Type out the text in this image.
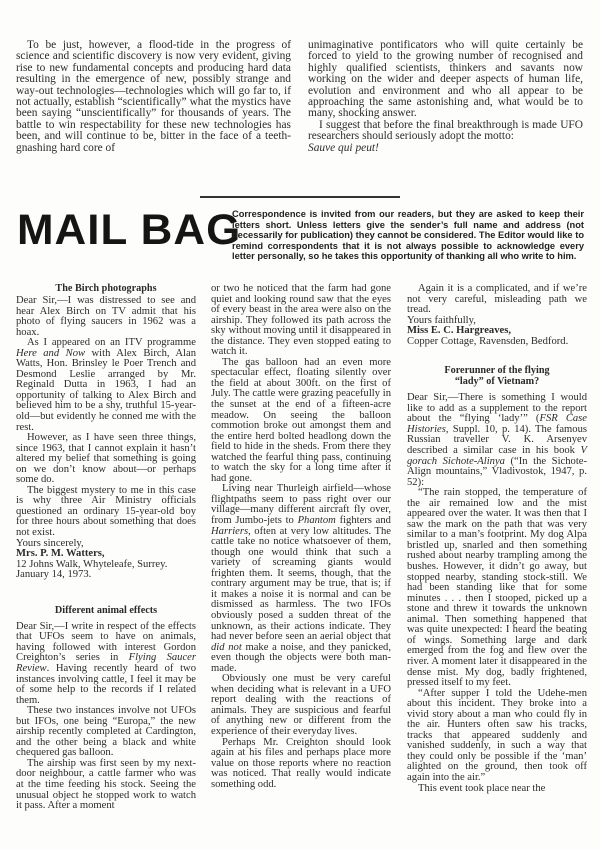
To be just, however, a flood-tide in the progress of science and scientific discovery is now very evident, giving rise to new fundamental concepts and producing hard data resulting in the emergence of new, possibly strange and way-out technologies—technologies which will go far to, if not actually, establish “scientifically” what the mystics have been saying “unscientifically” for thousands of years. The battle to win respectability for these new technologies has been, and will continue to be, bitter in the face of a teeth-gnashing hard core of

unimaginative pontificators who will quite certainly be forced to yield to the growing number of recognised and highly qualified scientists, thinkers and savants now working on the wider and deeper aspects of human life, evolution and environment and who all appear to be approaching the same astonishing and, what would be to many, shocking answer.

I suggest that before the final breakthrough is made UFO researchers should seriously adopt the motto:

Sauve qui peut!

MAIL BAG

Correspondence is invited from our readers, but they are asked to keep their letters short. Unless letters give the sender’s full name and address (not necessarily for publication) they cannot be considered. The Editor would like to remind correspondents that it is not always possible to acknowledge every letter personally, so he takes this opportunity of thanking all who write to him.

The Birch photographs

Dear Sir,—I was distressed to see and hear Alex Birch on TV admit that his photo of flying saucers in 1962 was a hoax.

As I appeared on an ITV programme Here and Now with Alex Birch, Alan Watts, Hon. Brinsley le Poer Trench and Desmond Leslie arranged by Mr. Reginald Dutta in 1963, I had an opportunity of talking to Alex Birch and believed him to be a shy, truthful 15-year-old—but evidently he conned me with the rest.

However, as I have seen three things, since 1963, that I cannot explain it hasn’t altered my belief that something is going on we don’t know about—or perhaps some do.

The biggest mystery to me in this case is why three Air Ministry officials questioned an ordinary 15-year-old boy for three hours about something that does not exist.

Yours sincerely,

Mrs. P. M. Watters,

12 Johns Walk, Whyteleafe, Surrey.

January 14, 1973.

Different animal effects

Dear Sir,—I write in respect of the effects that UFOs seem to have on animals, having followed with interest Gordon Creighton’s series in Flying Saucer Review. Having recently heard of two instances involving cattle, I feel it may be of some help to the records if I related them.

These two instances involve not UFOs but IFOs, one being “Europa,” the new airship recently completed at Cardington, and the other being a black and white chequered gas balloon.

The airship was first seen by my next-door neighbour, a cattle farmer who was at the time feeding his stock. Seeing the unusual object he stopped work to watch it pass. After a moment

or two he noticed that the farm had gone quiet and looking round saw that the eyes of every beast in the area were also on the airship. They followed its path across the sky without moving until it disappeared in the distance. They even stopped eating to watch it.

The gas balloon had an even more spectacular effect, floating silently over the field at about 300ft. on the first of July. The cattle were grazing peacefully in the sunset at the end of a fifteen-acre meadow. On seeing the balloon commotion broke out amongst them and the entire herd bolted headlong down the field to hide in the sheds. From there they watched the fearful thing pass, continuing to watch the sky for a long time after it had gone.

Living near Thurleigh airfield—whose flightpaths seem to pass right over our village—many different aircraft fly over, from Jumbo-jets to Phantom fighters and Harriers, often at very low altitudes. The cattle take no notice whatsoever of them, though one would think that such a variety of screaming giants would frighten them. It seems, though, that the contrary argument may be true, that is; if it makes a noise it is normal and can be dismissed as harmless. The two IFOs obviously posed a sudden threat of the unknown, as their actions indicate. They had never before seen an aerial object that did not make a noise, and they panicked, even though the objects were both man-made.

Obviously one must be very careful when deciding what is relevant in a UFO report dealing with the reactions of animals. They are suspicious and fearful of anything new or different from the experience of their everyday lives.

Perhaps Mr. Creighton should look again at his files and perhaps place more value on those reports where no reaction was noticed. That really would indicate something odd.

Again it is a complicated, and if we’re not very careful, misleading path we tread.

Yours faithfully,

Miss E. C. Hargreaves,

Copper Cottage, Ravensden, Bedford.

Forerunner of the flying
“lady” of Vietnam?

Dear Sir,—There is something I would like to add as a supplement to the report about the “flying ‘lady’” (FSR Case Histories, Suppl. 10, p. 14). The famous Russian traveller V. K. Arsenyev described a similar case in his book V gorach Sichote-Alinya (“In the Sichote-Align mountains,” Vladivostok, 1947, p. 52):

“The rain stopped, the temperature of the air remained low and the mist appeared over the water. It was then that I saw the mark on the path that was very similar to a man’s footprint. My dog Alpa bristled up, snarled and then something rushed about nearby trampling among the bushes. However, it didn’t go away, but stopped nearby, standing stock-still. We had been standing like that for some minutes . . . then I stooped, picked up a stone and threw it towards the unknown animal. Then something happened that was quite unexpected: I heard the beating of wings. Something large and dark emerged from the fog and flew over the river. A moment later it disappeared in the dense mist. My dog, badly frightened, pressed itself to my feet.

“After supper I told the Udehe-men about this incident. They broke into a vivid story about a man who could fly in the air. Hunters often saw his tracks, tracks that appeared suddenly and vanished suddenly, in such a way that they could only be possible if the ‘man’ alighted on the ground, then took off again into the air.”

This event took place near the
